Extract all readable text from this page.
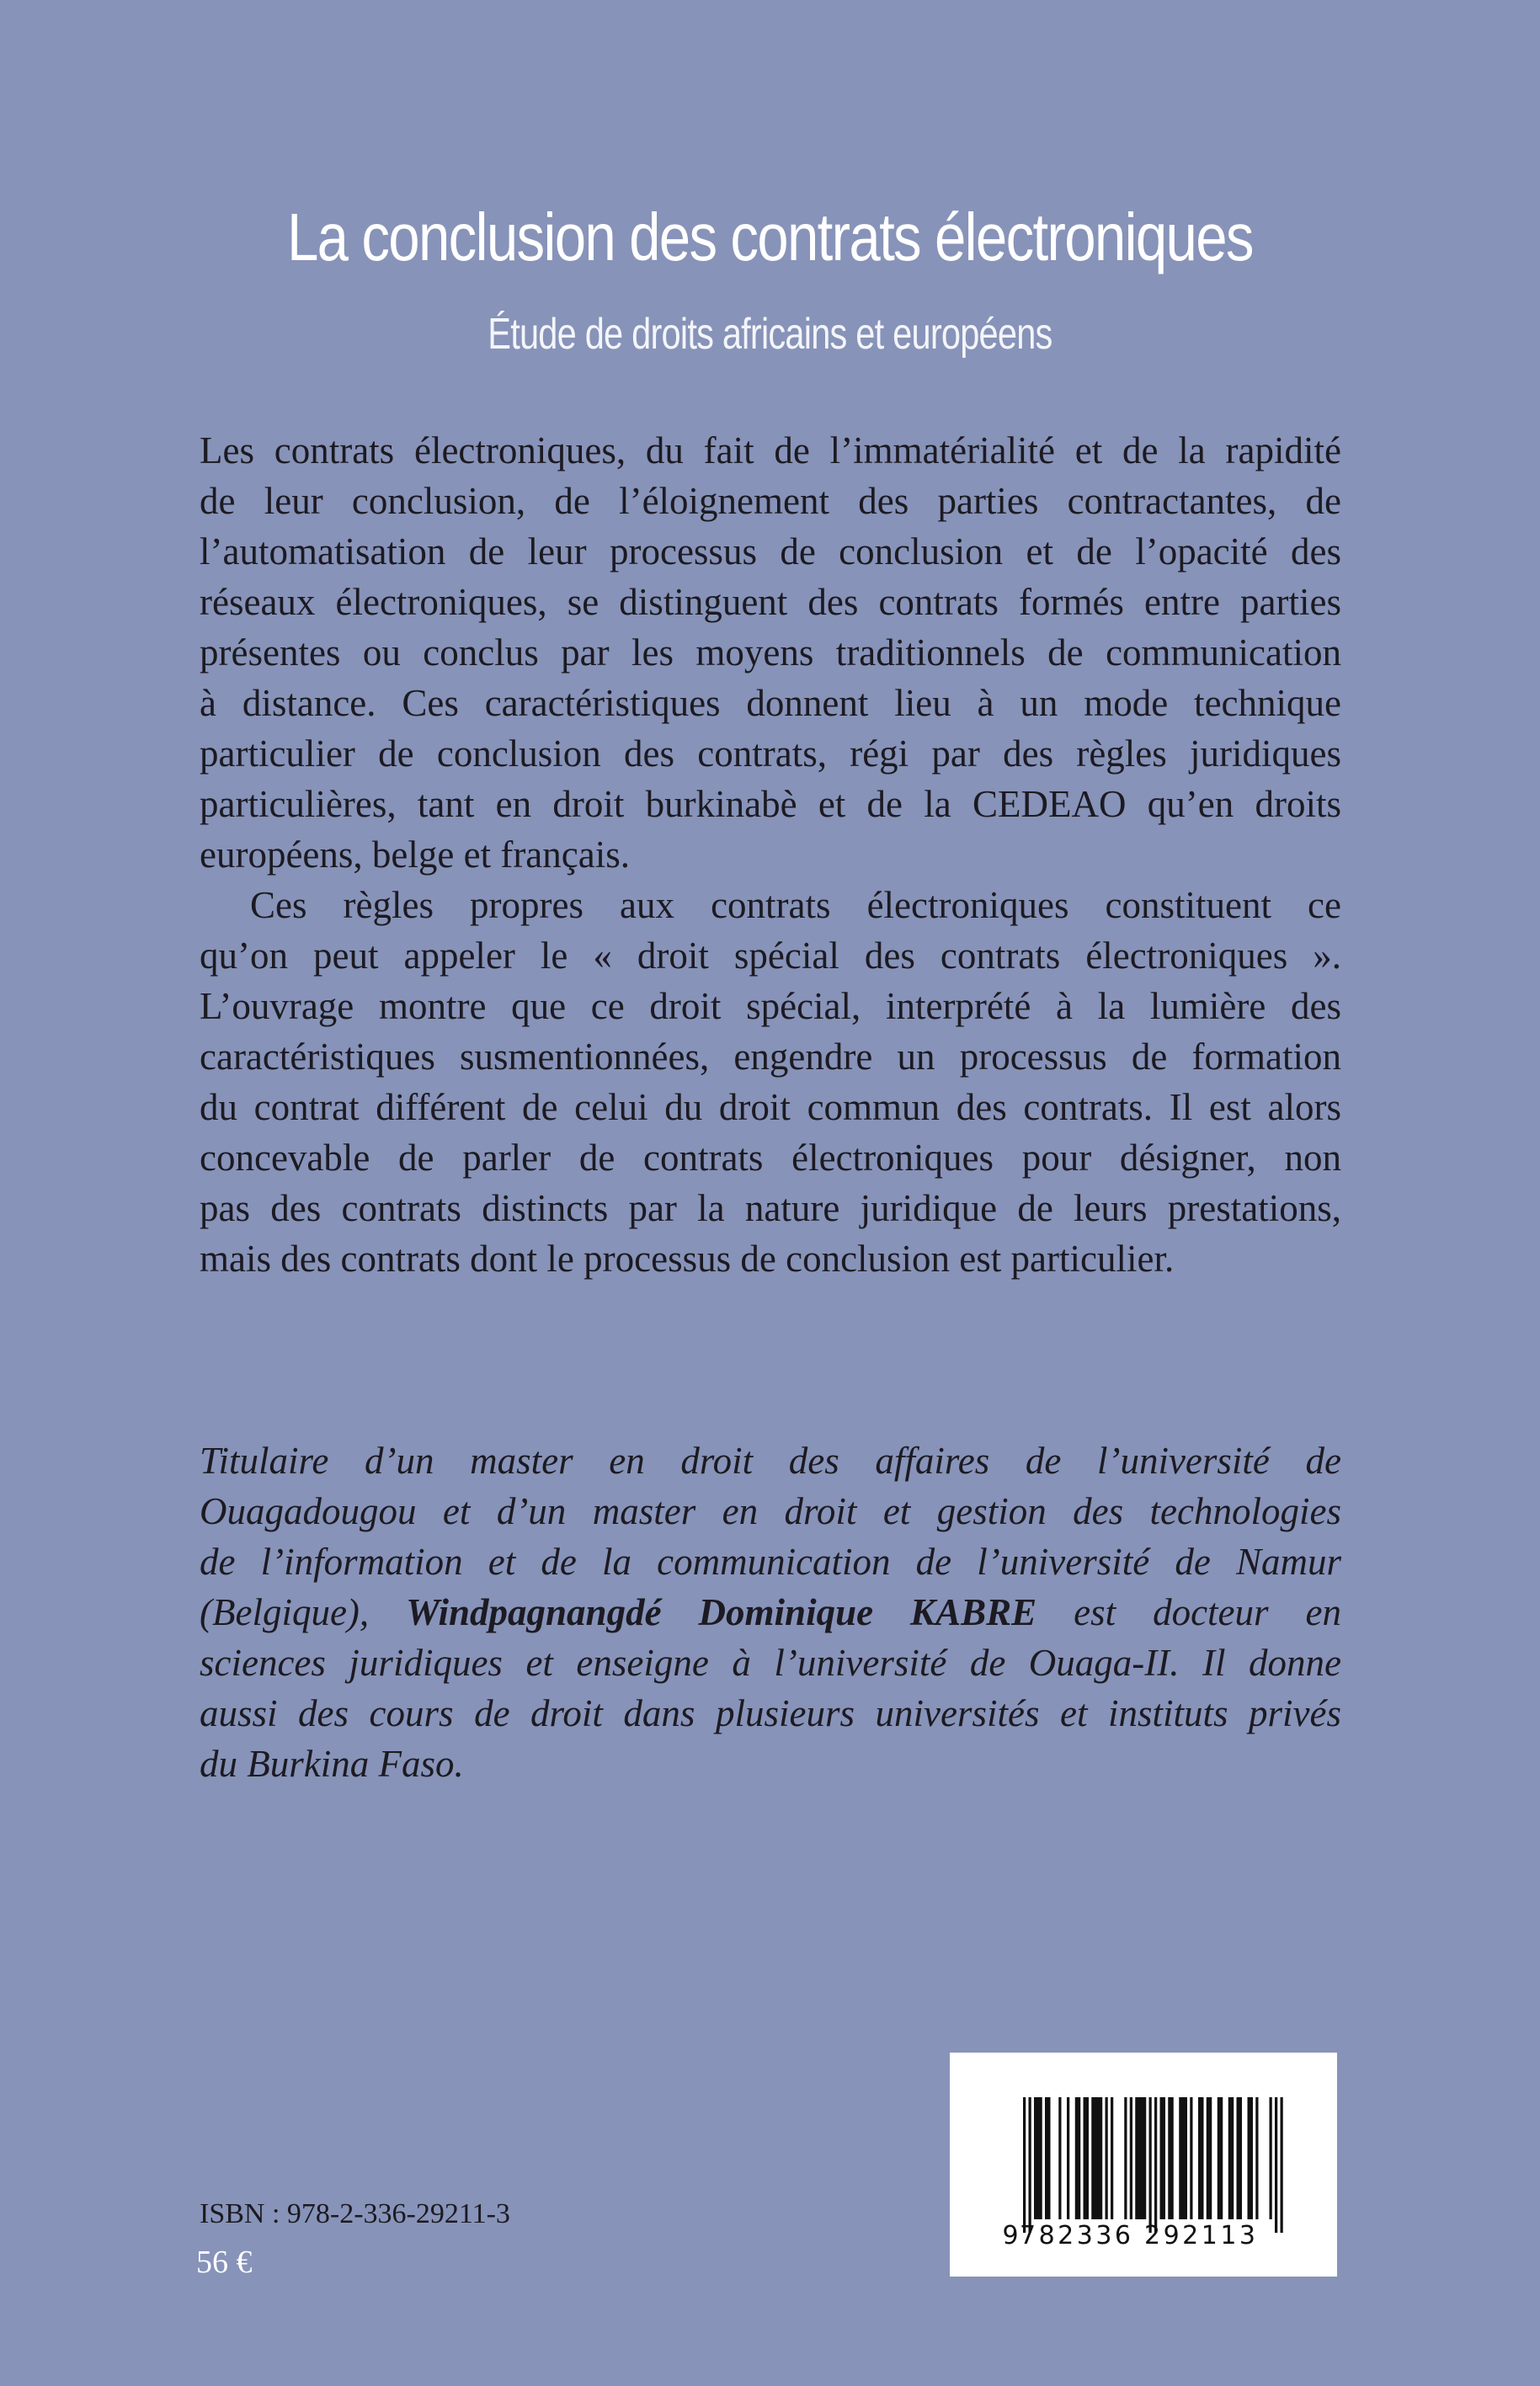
La conclusion des contrats électroniques
Étude de droits africains et européens
Les contrats électroniques, du fait de l’immatérialité et de la rapidité
de leur conclusion, de l’éloignement des parties contractantes, de
l’automatisation de leur processus de conclusion et de l’opacité des
réseaux électroniques, se distinguent des contrats formés entre parties
présentes ou conclus par les moyens traditionnels de communication
à distance. Ces caractéristiques donnent lieu à un mode technique
particulier de conclusion des contrats, régi par des règles juridiques
particulières, tant en droit burkinabè et de la CEDEAO qu’en droits
européens, belge et français.
Ces règles propres aux contrats électroniques constituent ce
qu’on peut appeler le « droit spécial des contrats électroniques ».
L’ouvrage montre que ce droit spécial, interprété à la lumière des
caractéristiques susmentionnées, engendre un processus de formation
du contrat différent de celui du droit commun des contrats. Il est alors
concevable de parler de contrats électroniques pour désigner, non
pas des contrats distincts par la nature juridique de leurs prestations,
mais des contrats dont le processus de conclusion est particulier.
Titulaire d’un master en droit des affaires de l’université de
Ouagadougou et d’un master en droit et gestion des technologies
de l’information et de la communication de l’université de Namur
(Belgique), Windpagnangdé Dominique KABRE est docteur en
sciences juridiques et enseigne à l’université de Ouaga-II. Il donne
aussi des cours de droit dans plusieurs universités et instituts privés
du Burkina Faso.
ISBN : 978-2-336-29211-3
56 €
9 782336 292113
